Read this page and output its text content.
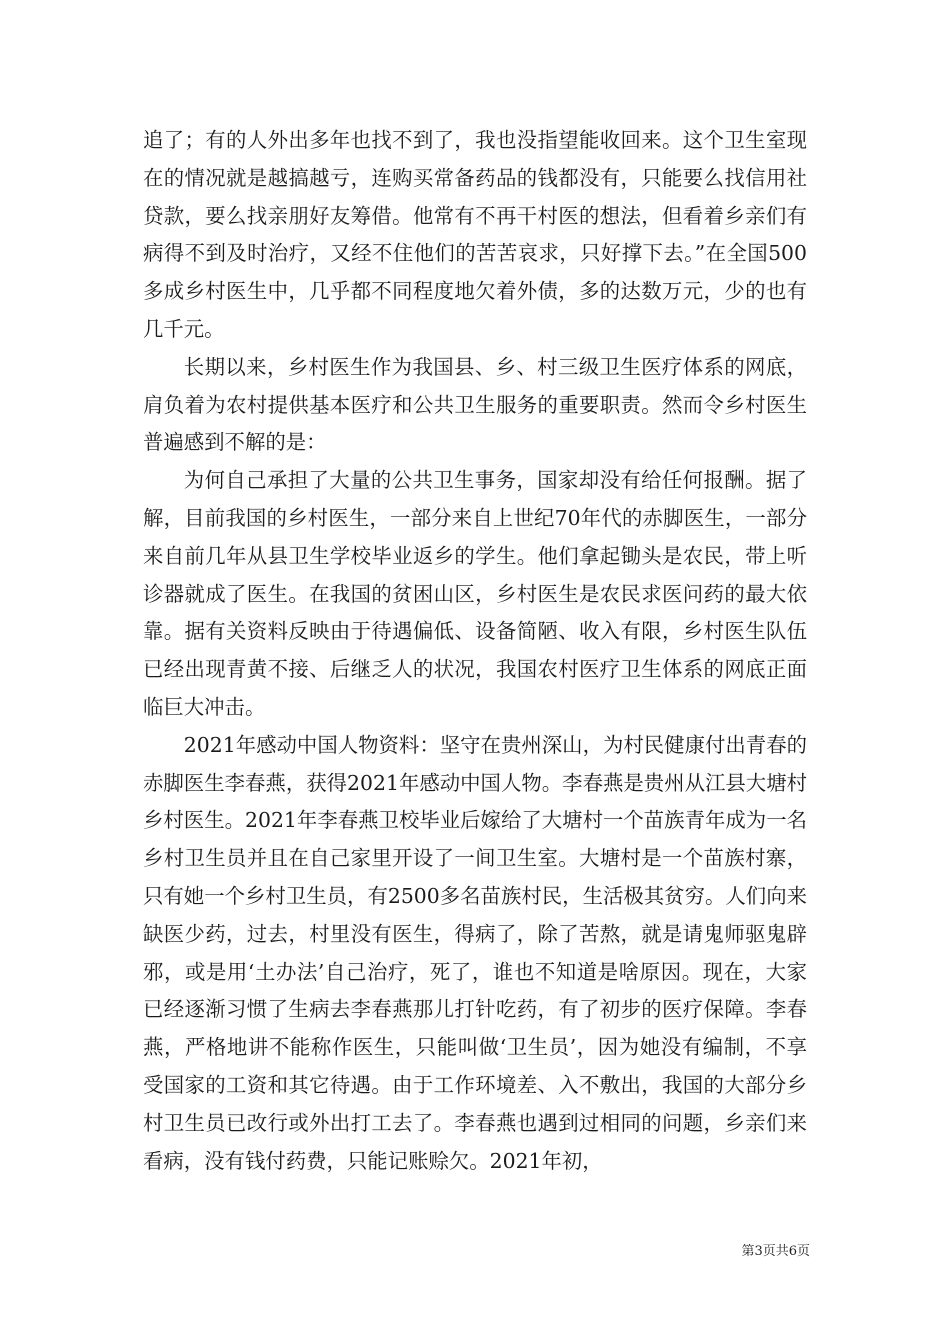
追了；有的人外出多年也找不到了，我也没指望能收回来。这个卫生室现在的情况就是越搞越亏，连购买常备药品的钱都没有，只能要么找信用社贷款，要么找亲朋好友筹借。他常有不再干村医的想法，但看着乡亲们有病得不到及时治疗，又经不住他们的苦苦哀求，只好撑下去。”在全国500多成乡村医生中，几乎都不同程度地欠着外债，多的达数万元，少的也有几千元。

长期以来，乡村医生作为我国县、乡、村三级卫生医疗体系的网底，肩负着为农村提供基本医疗和公共卫生服务的重要职责。然而令乡村医生普遍感到不解的是：

为何自己承担了大量的公共卫生事务，国家却没有给任何报酬。据了解，目前我国的乡村医生，一部分来自上世纪70年代的赤脚医生，一部分来自前几年从县卫生学校毕业返乡的学生。他们拿起锄头是农民，带上听诊器就成了医生。在我国的贫困山区，乡村医生是农民求医问药的最大依靠。据有关资料反映由于待遇偏低、设备简陋、收入有限，乡村医生队伍已经出现青黄不接、后继乏人的状况，我国农村医疗卫生体系的网底正面临巨大冲击。

2021年感动中国人物资料：坚守在贵州深山，为村民健康付出青春的赤脚医生李春燕，获得2021年感动中国人物。李春燕是贵州从江县大塘村乡村医生。2021年李春燕卫校毕业后嫁给了大塘村一个苗族青年成为一名乡村卫生员并且在自己家里开设了一间卫生室。大塘村是一个苗族村寨，只有她一个乡村卫生员，有2500多名苗族村民，生活极其贫穷。人们向来缺医少药，过去，村里没有医生，得病了，除了苦熬，就是请鬼师驱鬼辟邪，或是用‘土办法’自己治疗，死了，谁也不知道是啥原因。现在，大家已经逐渐习惯了生病去李春燕那儿打针吃药，有了初步的医疗保障。李春燕，严格地讲不能称作医生，只能叫做‘卫生员’，因为她没有编制，不享受国家的工资和其它待遇。由于工作环境差、入不敷出，我国的大部分乡村卫生员已改行或外出打工去了。李春燕也遇到过相同的问题，乡亲们来看病，没有钱付药费，只能记账赊欠。2021年初，

第3页共6页
